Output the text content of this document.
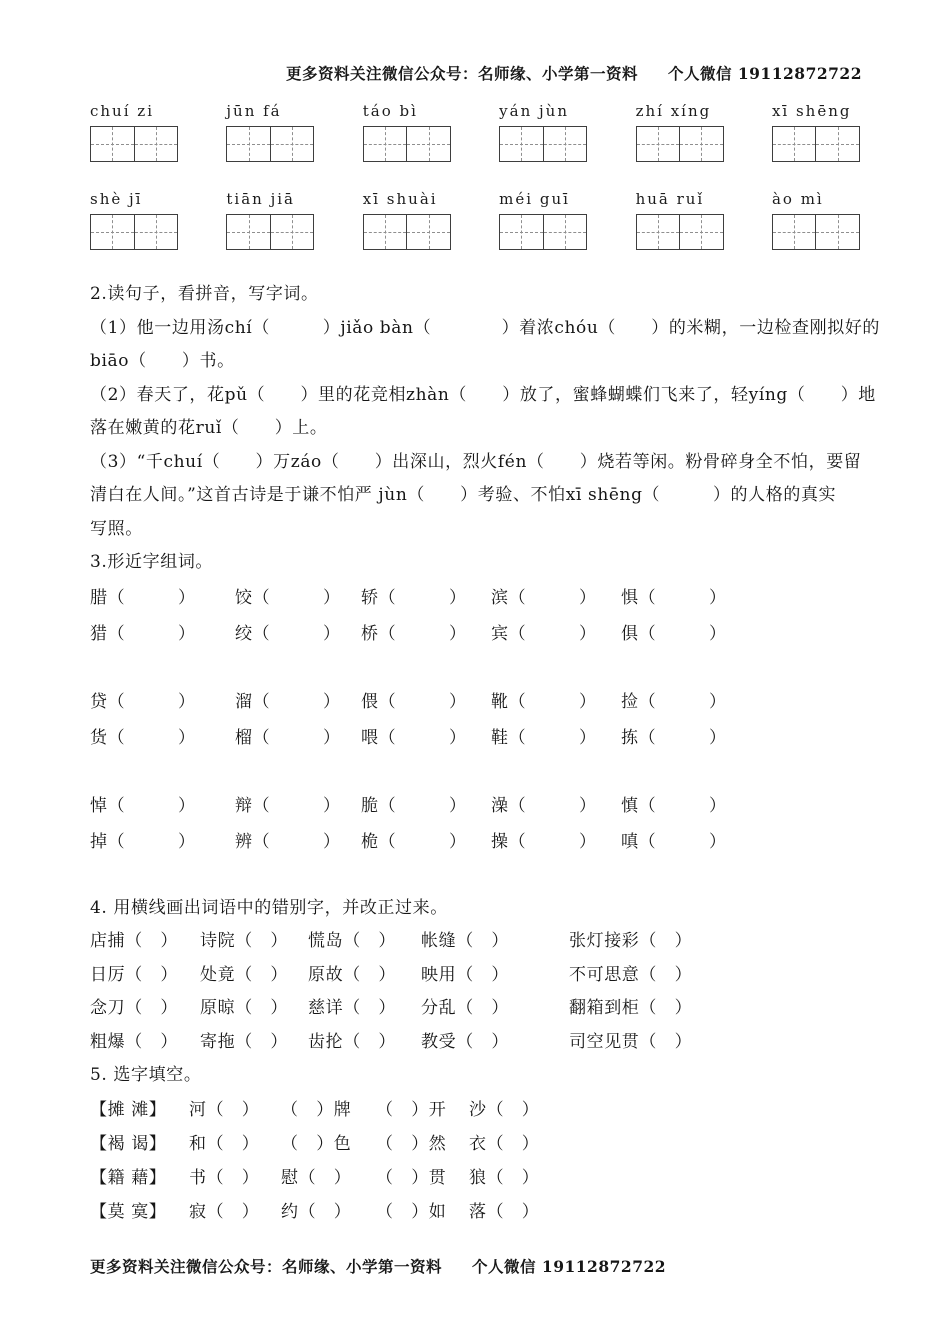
更多资料关注微信公众号：名师缘、小学第一资料 个人微信 19112872722
chuí zi	jūn fá	táo bì	yán jùn	zhí xíng	xī shēng
shè jī	tiān jiā	xī shuài	méi guī	huā ruǐ	ào mì

2.读句子，看拼音，写字词。

（1）他一边用汤chí（　　　）jiǎo bàn（　　　　）着浓chóu（　　）的米糊，一边检查刚拟好的

biāo（　　）书。

（2）春天了，花pǔ（　　）里的花竞相zhàn（　　）放了，蜜蜂蝴蝶们飞来了，轻yíng（　　）地

落在嫩黄的花ruǐ（　　）上。

（3）“千chuí（　　）万záo（　　）出深山，烈火fén（　　）烧若等闲。粉骨碎身全不怕，要留

清白在人间。”这首古诗是于谦不怕严 jùn（　　）考验、不怕xī shēng（　　　）的人格的真实

写照。

3.形近字组词。

腊（　　　）	饺（　　　）	轿（　　　）	滨（　　　）	惧（　　　）
猎（　　　）	绞（　　　）	桥（　　　）	宾（　　　）	俱（　　　）
贷（　　　）	溜（　　　）	偎（　　　）	靴（　　　）	捡（　　　）
货（　　　）	榴（　　　）	喂（　　　）	鞋（　　　）	拣（　　　）
悼（　　　）	辩（　　　）	脆（　　　）	澡（　　　）	慎（　　　）
掉（　　　）	辨（　　　）	桅（　　　）	操（　　　）	嗔（　　　）

4. 用横线画出词语中的错别字，并改正过来。

店捕（　）	诗院（　）	慌岛（　）	帐缝（　）	张灯接彩（　）
日厉（　）	处竟（　）	原故（　）	映用（　）	不可思意（　）
念刀（　）	原晾（　）	慈详（　）	分乱（　）	翻箱到柜（　）
粗爆（　）	寄拖（　）	齿抡（　）	教受（　）	司空见贯（　）

5. 选字填空。

【摊 滩】	河（　）	（　）牌	（　）开	沙（　）
【褐 谒】	和（　）	（　）色	（　）然	衣（　）
【籍 藉】	书（　）	慰（　）	（　）贯	狼（　）
【莫 寞】	寂（　）	约（　）	（　）如	落（　）
更多资料关注微信公众号：名师缘、小学第一资料 个人微信 19112872722
